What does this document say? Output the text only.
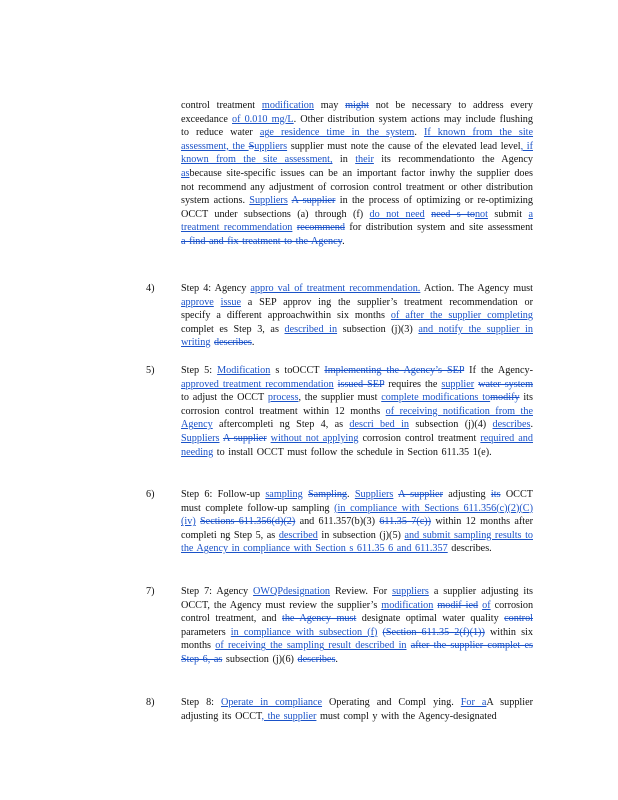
control treatment modification may might not be necessary to address every exceedance of 0.010 mg/L. Other distribution system actions may include flushing to reduce water age residence time in the system. If known from the site assessment, the Suppliers supplier must note the cause of the elevated lead level, if known from the site assessment, in their its recommendationto the Agency asbecause site-specific issues can be an important factor inwhy the supplier does not recommend any adjustment of corrosion control treatment or other distribution system actions. Suppliers A supplier in the process of optimizing or re-optimizing OCCT under subsections (a) through (f) do not need need s tonot submit a treatment recommendation recommend for distribution system and site assessment a find and fix treatment to the Agency.
4)	Step 4: Agency appro val of treatment recommendation. Action. The Agency must approve issue a SEP approv ing the supplier’s treatment recommendation or specify a different approachwithin six months of after the supplier completing complet es Step 3, as described in subsection (j)(3) and notify the supplier in writing describes.
5)	Step 5: Modification s toOCCT Implementing the Agency’s SEP If the Agency-approved treatment recommendation issued SEP requires the supplier water system to adjust the OCCT process, the supplier must complete modifications tomodify its corrosion control treatment within 12 months of receiving notification from the Agency aftercompleti ng Step 4, as descri bed in subsection (j)(4) describes. Suppliers A supplier without not applying corrosion control treatment required and needing to install OCCT must follow the schedule in Section 611.35 1(e).
6)	Step 6: Follow-up sampling Sampling. Suppliers A supplier adjusting its OCCT must complete follow-up sampling (in compliance with Sections 611.356(c)(2)(C)(iv) Sections 611.356(d)(2) and 611.357(b)(3) 611.35 7(c)) within 12 months after completi ng Step 5, as described in subsection (j)(5) and submit sampling results to the Agency in compliance with Section s 611.35 6 and 611.357 describes.
7)	Step 7: Agency OWQPdesignation Review. For suppliers a supplier adjusting its OCCT, the Agency must review the supplier’s modification modif ied of corrosion control treatment, and the Agency must designate optimal water quality control parameters in compliance with subsection (f) (Section 611.35 2(f)(1)) within six months of receiving the sampling result described in after the supplier complet es Step 6, as subsection (j)(6) describes.
8)	Step 8: Operate in compliance Operating and Compl ying. For aA supplier adjusting its OCCT, the supplier must compl y with the Agency-designated
